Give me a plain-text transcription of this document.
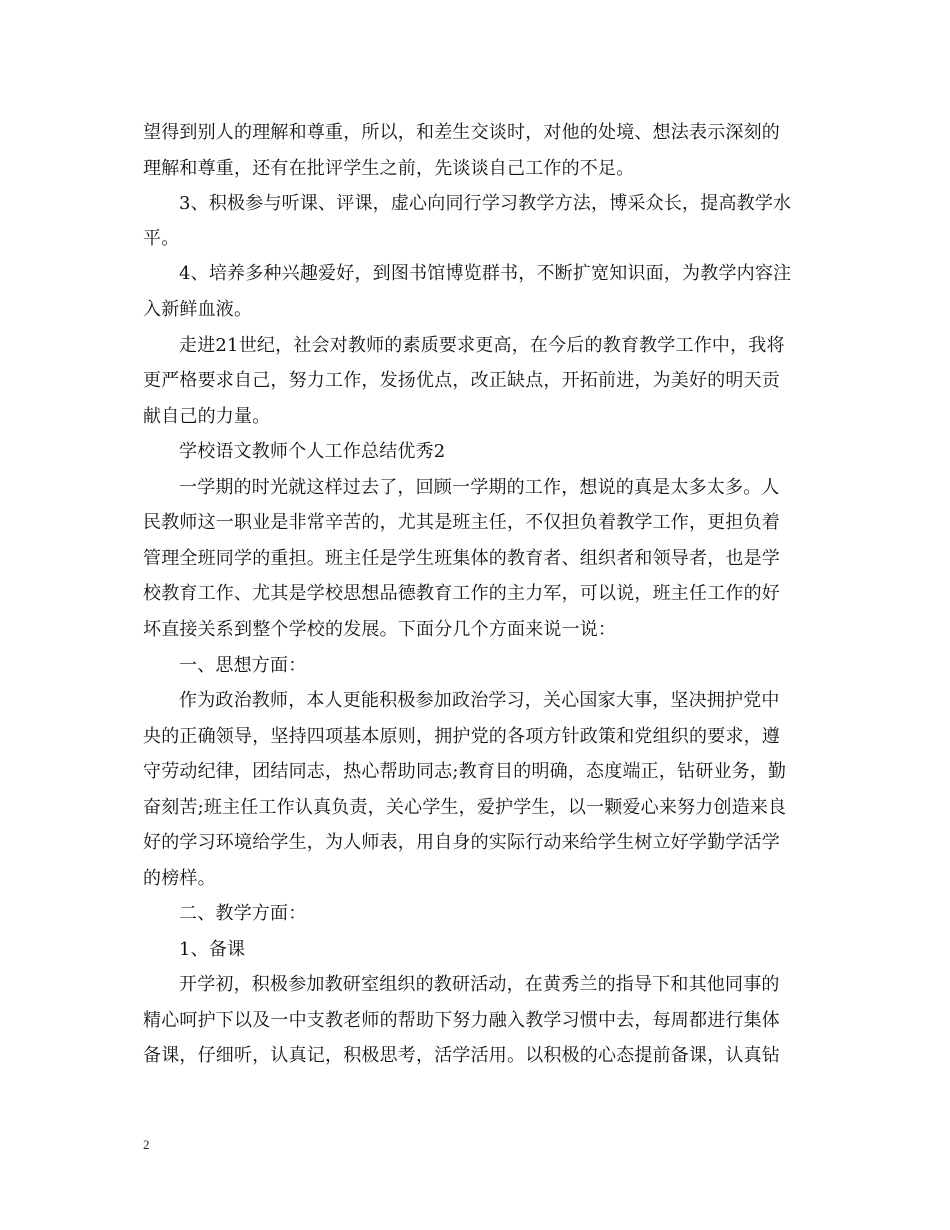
望得到别人的理解和尊重，所以，和差生交谈时，对他的处境、想法表示深刻的
理解和尊重，还有在批评学生之前，先谈谈自己工作的不足。
3、积极参与听课、评课，虚心向同行学习教学方法，博采众长，提高教学水
平。
4、培养多种兴趣爱好，到图书馆博览群书，不断扩宽知识面，为教学内容注
入新鲜血液。
走进21世纪，社会对教师的素质要求更高，在今后的教育教学工作中，我将
更严格要求自己，努力工作，发扬优点，改正缺点，开拓前进，为美好的明天贡
献自己的力量。
学校语文教师个人工作总结优秀2
一学期的时光就这样过去了，回顾一学期的工作，想说的真是太多太多。人
民教师这一职业是非常辛苦的，尤其是班主任，不仅担负着教学工作，更担负着
管理全班同学的重担。班主任是学生班集体的教育者、组织者和领导者，也是学
校教育工作、尤其是学校思想品德教育工作的主力军，可以说，班主任工作的好
坏直接关系到整个学校的发展。下面分几个方面来说一说：
一、思想方面：
作为政治教师，本人更能积极参加政治学习，关心国家大事，坚决拥护党中
央的正确领导，坚持四项基本原则，拥护党的各项方针政策和党组织的要求，遵
守劳动纪律，团结同志，热心帮助同志;教育目的明确，态度端正，钻研业务，勤
奋刻苦;班主任工作认真负责，关心学生，爱护学生，以一颗爱心来努力创造来良
好的学习环境给学生，为人师表，用自身的实际行动来给学生树立好学勤学活学
的榜样。
二、教学方面：
1、备课
开学初，积极参加教研室组织的教研活动，在黄秀兰的指导下和其他同事的
精心呵护下以及一中支教老师的帮助下努力融入教学习惯中去，每周都进行集体
备课，仔细听，认真记，积极思考，活学活用。以积极的心态提前备课，认真钻
2
